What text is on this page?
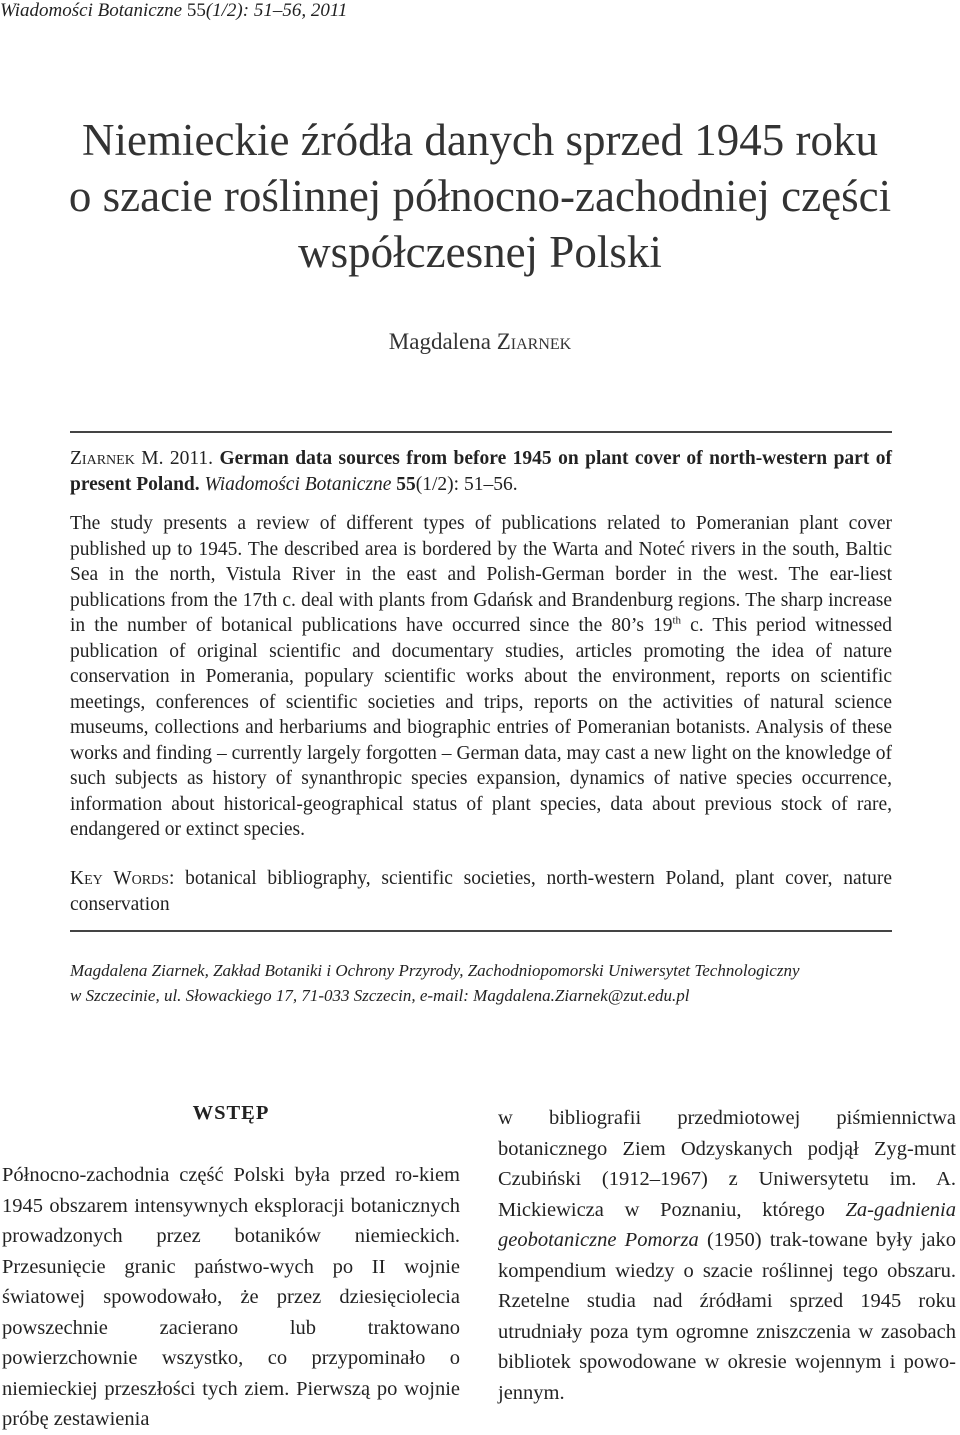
Wiadomości Botaniczne 55(1/2): 51–56, 2011
Niemieckie źródła danych sprzed 1945 roku
o szacie roślinnej północno-zachodniej części
współczesnej Polski
Magdalena Ziarnek
Ziarnek M. 2011. German data sources from before 1945 on plant cover of north-western part of present Poland. Wiadomości Botaniczne 55(1/2): 51–56.
The study presents a review of different types of publications related to Pomeranian plant cover published up to 1945. The described area is bordered by the Warta and Noteć rivers in the south, Baltic Sea in the north, Vistula River in the east and Polish-German border in the west. The ear-liest publications from the 17th c. deal with plants from Gdańsk and Brandenburg regions. The sharp increase in the number of botanical publications have occurred since the 80’s 19th c. This period witnessed publication of original scientific and documentary studies, articles promoting the idea of nature conservation in Pomerania, populary scientific works about the environment, reports on scientific meetings, conferences of scientific societies and trips, reports on the activities of natural science museums, collections and herbariums and biographic entries of Pomeranian botanists. Analysis of these works and finding – currently largely forgotten – German data, may cast a new light on the knowledge of such subjects as history of synanthropic species expansion, dynamics of native species occurrence, information about historical-geographical status of plant species, data about previous stock of rare, endangered or extinct species.
Key Words: botanical bibliography, scientific societies, north-western Poland, plant cover, nature conservation
Magdalena Ziarnek, Zakład Botaniki i Ochrony Przyrody, Zachodniopomorski Uniwersytet Technologiczny
w Szczecinie, ul. Słowackiego 17, 71-033 Szczecin, e-mail: Magdalena.Ziarnek@zut.edu.pl
WSTĘP
Północno-zachodnia część Polski była przed ro-kiem 1945 obszarem intensywnych eksploracji botanicznych prowadzonych przez botaników niemieckich. Przesunięcie granic państwo-wych po II wojnie światowej spowodowało, że przez dziesięciolecia powszechnie zacierano lub traktowano powierzchownie wszystko, co przypominało o niemieckiej przeszłości tych ziem. Pierwszą po wojnie próbę zestawienia
w bibliografii przedmiotowej piśmiennictwa botanicznego Ziem Odzyskanych podjął Zyg-munt Czubiński (1912–1967) z Uniwersytetu im. A. Mickiewicza w Poznaniu, którego Za-gadnienia geobotaniczne Pomorza (1950) trak-towane były jako kompendium wiedzy o szacie roślinnej tego obszaru. Rzetelne studia nad źródłami sprzed 1945 roku utrudniały poza tym ogromne zniszczenia w zasobach bibliotek spowodowane w okresie wojennym i powo-jennym.
